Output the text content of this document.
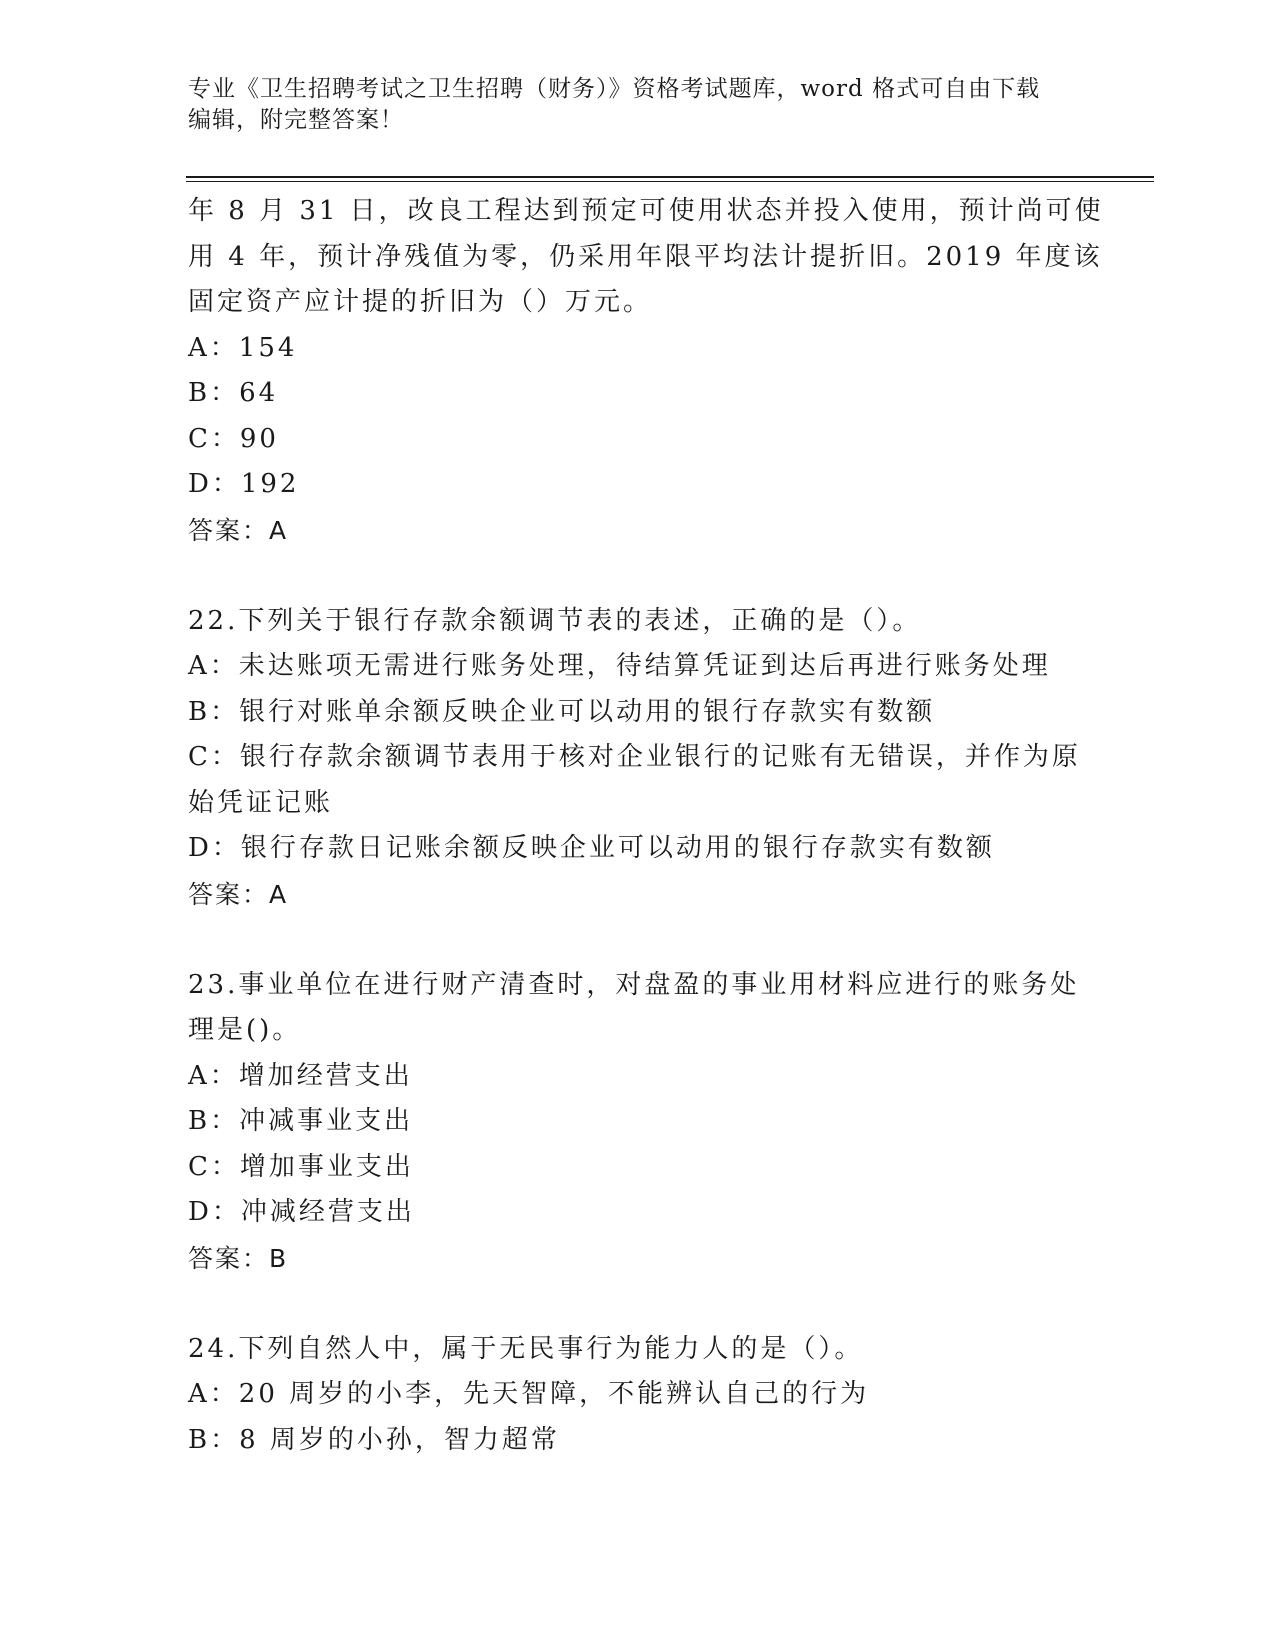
专业《卫生招聘考试之卫生招聘（财务）》资格考试题库，word 格式可自由下载
编辑，附完整答案！
年 8 月 31 日，改良工程达到预定可使用状态并投入使用，预计尚可使
用 4 年，预计净残值为零，仍采用年限平均法计提折旧。2019 年度该
固定资产应计提的折旧为（）万元。
A：154
B：64
C：90
D：192
答案：A
22.下列关于银行存款余额调节表的表述，正确的是（）。
A：未达账项无需进行账务处理，待结算凭证到达后再进行账务处理
B：银行对账单余额反映企业可以动用的银行存款实有数额
C：银行存款余额调节表用于核对企业银行的记账有无错误，并作为原
始凭证记账
D：银行存款日记账余额反映企业可以动用的银行存款实有数额
答案：A
23.事业单位在进行财产清查时，对盘盈的事业用材料应进行的账务处
理是()。
A：增加经营支出
B：冲减事业支出
C：增加事业支出
D：冲减经营支出
答案：B
24.下列自然人中，属于无民事行为能力人的是（）。
A：20 周岁的小李，先天智障，不能辨认自己的行为
B：8 周岁的小孙，智力超常
